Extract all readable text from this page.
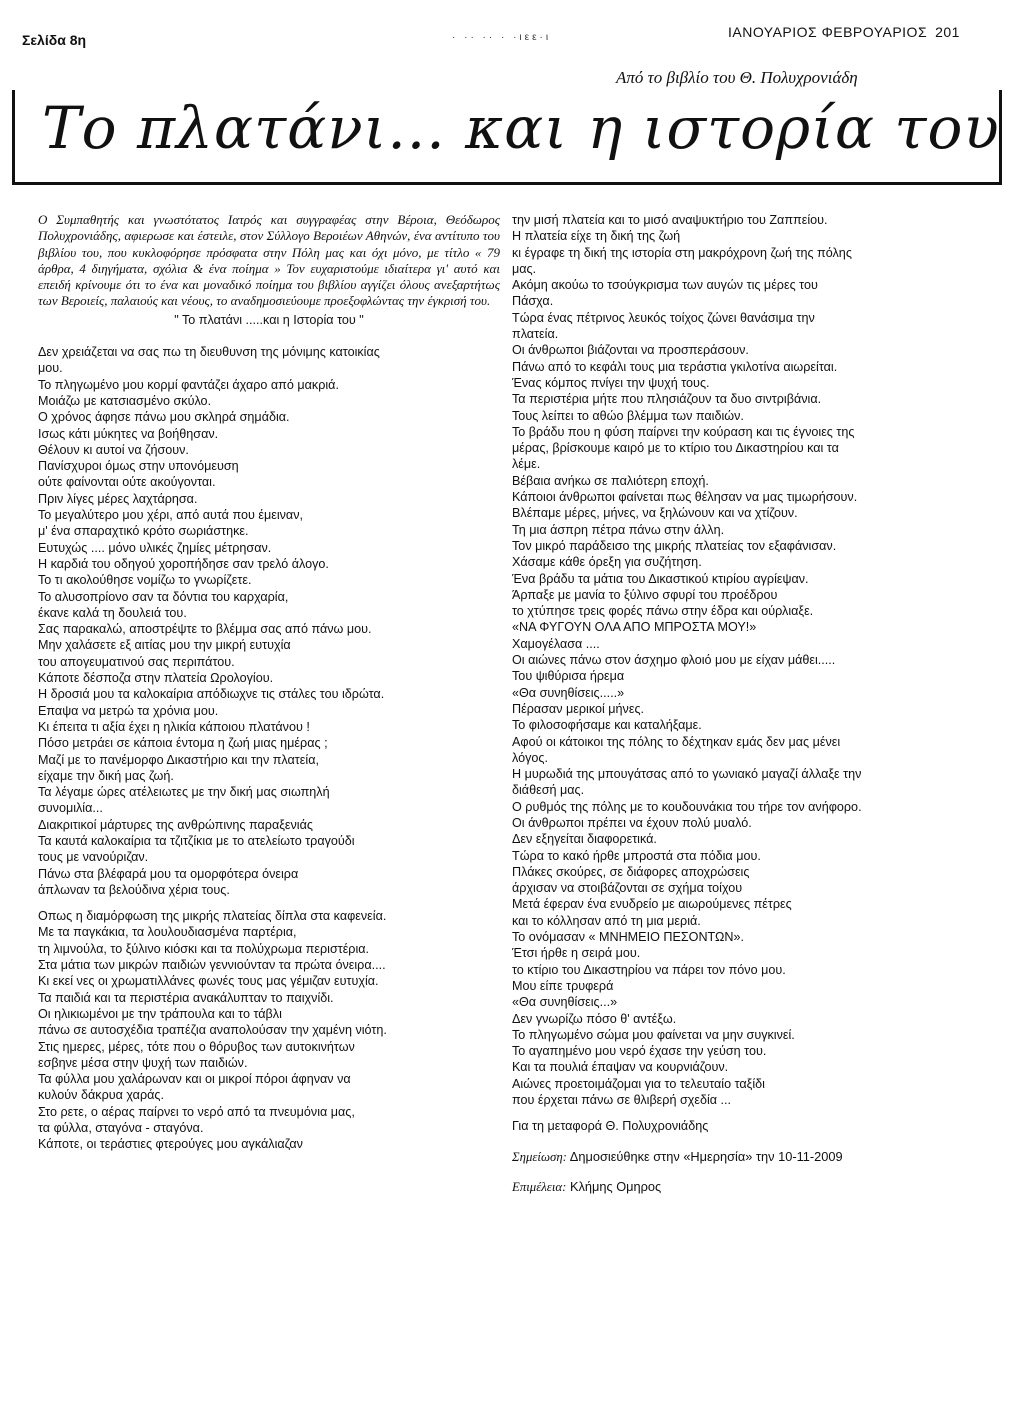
Σελίδα 8η	· ·· ·· · ·ιεε·ι	ΙΑΝΟΥΑΡΙΟΣ ΦΕΒΡΟΥΑΡΙΟΣ 201
Από το βιβλίο του Θ. Πολυχρονιάδη
Το πλατάνι... και η ιστορία του

Ο Συμπαθητής και γνωστότατος Ιατρός και συγγραφέας στην Βέροια, Θεόδωρος Πολυχρονιάδης, αφιερωσε και έστειλε, στον Σύλλογο Βεροιέων Αθηνών, ένα αντίτυπο του βιβλίου του, που κυκλοφόρησε πρόσφατα στην Πόλη μας και όχι μόνο, με τίτλο « 79 άρθρα, 4 διηγήματα, σχόλια & ένα ποίημα » Τον ευχαριστούμε ιδιαίτερα γι' αυτό και επειδή κρίνουμε ότι το ένα και μοναδικό ποίημα του βιβλίου αγγίζει όλους ανεξαρτήτως των Βεροιείς, παλαιούς και νέους, το αναδημοσιεύουμε προεξοφλώντας την έγκρισή του.

" Το πλατάνι .....και η Ιστορία του "
Δεν χρειάζεται να σας πω τη διευθυνση της μόνιμης κατοικίας
μου.
Το πληγωμένο μου κορμί φαντάζει άχαρο από μακριά.
Μοιάζω με κατσιασμένο σκύλο.
Ο χρόνος άφησε πάνω μου σκληρά σημάδια.
Ισως κάτι μύκητες να βοήθησαν.
Θέλουν κι αυτοί να ζήσουν.
Πανίσχυροι όμως στην υπονόμευση
ούτε φαίνονται ούτε ακούγονται.
Πριν λίγες μέρες λαχτάρησα.
Το μεγαλύτερο μου χέρι, από αυτά που έμειναν,
μ' ένα σπαραχτικό κρότο σωριάστηκε.
Ευτυχώς .... μόνο υλικές ζημίες μέτρησαν.
Η καρδιά του οδηγού χοροπήδησε σαν τρελό άλογο.
Το τι ακολούθησε νομίζω το γνωρίζετε.
Το αλυσοπρίονο σαν τα δόντια του καρχαρία,
έκανε καλά τη δουλειά του.
Σας παρακαλώ, αποστρέψτε το βλέμμα σας από πάνω μου.
Μην χαλάσετε εξ αιτίας μου την μικρή ευτυχία
του απογευματινού σας περιπάτου.
Κάποτε δέσποζα στην πλατεία Ωρολογίου.
Η δροσιά μου τα καλοκαίρια απόδιωχνε τις στάλες του ιδρώτα.
Επαψα να μετρώ τα χρόνια μου.
Κι έπειτα τι αξία έχει η ηλικία κάποιου πλατάνου !
Πόσο μετράει σε κάποια έντομα η ζωή μιας ημέρας ;
Μαζί με το πανέμορφο Δικαστήριο και την πλατεία,
είχαμε την δική μας ζωή.
Τα λέγαμε ώρες ατέλειωτες με την δική μας σιωπηλή
συνομιλία...
Διακριτικοί μάρτυρες της ανθρώπινης παραξενιάς
Τα καυτά καλοκαίρια τα τζιτζίκια με το ατελείωτο τραγούδι
τους με νανούριζαν.
Πάνω στα βλέφαρά μου τα ομορφότερα όνειρα
άπλωναν τα βελούδινα χέρια τους.
Οπως η διαμόρφωση της μικρής πλατείας δίπλα στα καφενεία.
Με τα παγκάκια, τα λουλουδιασμένα παρτέρια,
τη λιμνούλα, το ξύλινο κιόσκι και τα πολύχρωμα περιστέρια.
Στα μάτια των μικρών παιδιών γεννιούνταν τα πρώτα όνειρα....
Κι εκεί νες οι χρωματιλλάνες φωνές τους μας γέμιζαν ευτυχία.
Τα παιδιά και τα περιστέρια ανακάλυπταν το παιχνίδι.
Οι ηλικιωμένοι με την τράπουλα και το τάβλι
πάνω σε αυτοσχέδια τραπέζια αναπολούσαν την χαμένη νιότη.
Στις ημερες, μέρες, τότε που ο θόρυβος των αυτοκινήτων
εσβηνε μέσα στην ψυχή των παιδιών.
Τα φύλλα μου χαλάρωναν και οι μικροί πόροι άφηναν να
κυλούν δάκρυα χαράς.
Στο ρετε, ο αέρας παίρνει το νερό από τα πνευμόνια μας,
τα φύλλα, σταγόνα - σταγόνα.
Κάποτε, οι τεράστιες φτερούγες μου αγκάλιαζαν
την μισή πλατεία και το μισό αναψυκτήριο του Ζαππείου.
Η πλατεία είχε τη δική της ζωή
κι έγραφε τη δική της ιστορία στη μακρόχρονη ζωή της πόλης
μας.
Ακόμη ακούω το τσούγκρισμα των αυγών τις μέρες του
Πάσχα.
Τώρα ένας πέτρινος λευκός τοίχος ζώνει θανάσιμα την
πλατεία.
Οι άνθρωποι βιάζονται να προσπεράσουν.
Πάνω από το κεφάλι τους μια τεράστια γκιλοτίνα αιωρείται.
Ένας κόμπος πνίγει την ψυχή τους.
Τα περιστέρια μήτε που πλησιάζουν τα δυο σιντριβάνια.
Τους λείπει το αθώο βλέμμα των παιδιών.
Το βράδυ που η φύση παίρνει την κούραση και τις έγνοιες της
μέρας, βρίσκουμε καιρό με το κτίριο του Δικαστηρίου και τα
λέμε.
Βέβαια ανήκω σε παλιότερη εποχή.
Κάποιοι άνθρωποι φαίνεται πως θέλησαν να μας τιμωρήσουν.
Βλέπαμε μέρες, μήνες, να ξηλώνουν και να χτίζουν.
Τη μια άσπρη πέτρα πάνω στην άλλη.
Τον μικρό παράδεισο της μικρής πλατείας τον εξαφάνισαν.
Χάσαμε κάθε όρεξη για συζήτηση.
Ένα βράδυ τα μάτια του Δικαστικού κτιρίου αγρίεψαν.
Άρπαξε με μανία το ξύλινο σφυρί του προέδρου
το χτύπησε τρεις φορές πάνω στην έδρα και ούρλιαξε.
«ΝΑ ΦΥΓΟΥΝ ΟΛΑ ΑΠΟ ΜΠΡΟΣΤΑ ΜΟΥ!»
Χαμογέλασα ....
Οι αιώνες πάνω στον άσχημο φλοιό μου με είχαν μάθει.....
Του ψιθύρισα ήρεμα
«Θα συνηθίσεις.....»
Πέρασαν μερικοί μήνες.
Το φιλοσοφήσαμε και καταλήξαμε.
Αφού οι κάτοικοι της πόλης το δέχτηκαν εμάς δεν μας μένει
λόγος.
Η μυρωδιά της μπουγάτσας από το γωνιακό μαγαζί άλλαξε την
διάθεσή μας.
Ο ρυθμός της πόλης με το κουδουνάκια του τήρε τον ανήφορο.
Οι άνθρωποι πρέπει να έχουν πολύ μυαλό.
Δεν εξηγείται διαφορετικά.
Τώρα το κακό ήρθε μπροστά στα πόδια μου.
Πλάκες σκούρες, σε διάφορες αποχρώσεις
άρχισαν να στοιβάζονται σε σχήμα τοίχου
Μετά έφεραν ένα ενυδρείο με αιωρούμενες πέτρες
και το κόλλησαν από τη μια μεριά.
Το ονόμασαν « ΜΝΗΜΕΙΟ ΠΕΣΟΝΤΩΝ».
Έτσι ήρθε η σειρά μου.
το κτίριο του Δικαστηρίου να πάρει τον πόνο μου.
Μου είπε τρυφερά
«Θα συνηθίσεις...»
Δεν γνωρίζω πόσο θ' αντέξω.
Το πληγωμένο σώμα μου φαίνεται να μην συγκινεί.
Το αγαπημένο μου νερό έχασε την γεύση του.
Και τα πουλιά έπαψαν να κουρνιάζουν.
Αιώνες προετοιμάζομαι για το τελευταίο ταξίδι
που έρχεται πάνω σε θλιβερή σχεδία ...
Για τη μεταφορά Θ. Πολυχρονιάδης
Σημείωση: Δημοσιεύθηκε στην «Ημερησία» την 10-11-2009
Επιμέλεια: Κλήμης Ομηρος
